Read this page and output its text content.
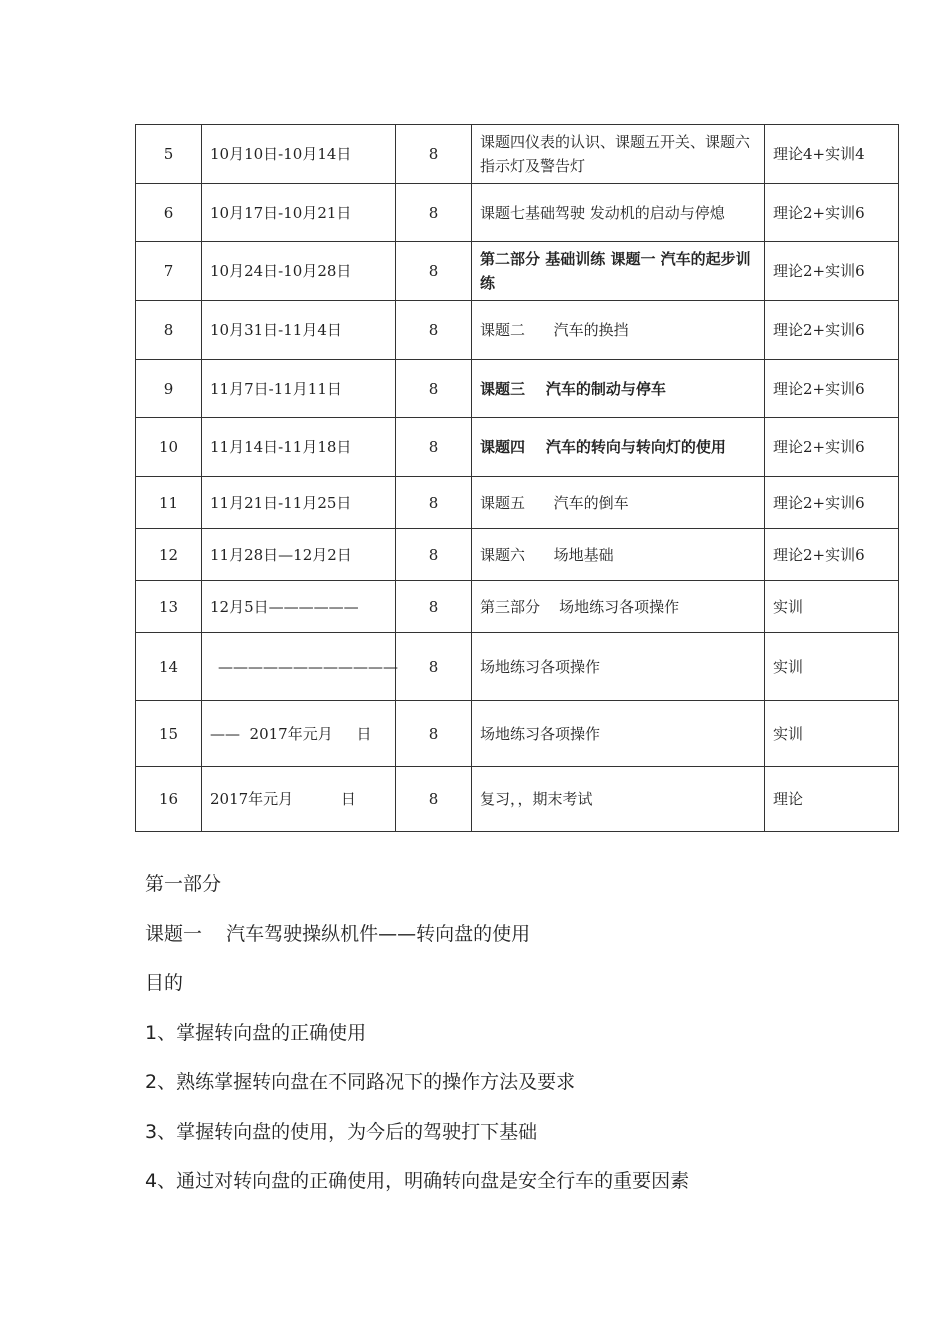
5	10月10日-10月14日	8	课题四仪表的认识、课题五开关、课题六指示灯及警告灯	理论4+实训4
6	10月17日-10月21日	8	课题七基础驾驶 发动机的启动与停熄	理论2+实训6
7	10月24日-10月28日	8	第二部分 基础训练 课题一 汽车的起步训练	理论2+实训6
8	10月31日-11月4日	8	课题二      汽车的换挡	理论2+实训6
9	11月7日-11月11日	8	课题三    汽车的制动与停车	理论2+实训6
10	11月14日-11月18日	8	课题四    汽车的转向与转向灯的使用	理论2+实训6
11	11月21日-11月25日	8	课题五      汽车的倒车	理论2+实训6
12	11月28日—12月2日	8	课题六      场地基础	理论2+实训6
13	12月5日——————	8	第三部分    场地练习各项操作	实训
14	————————————	8	场地练习各项操作	实训
15	——  2017年元月     日	8	场地练习各项操作	实训
16	2017年元月          日	8	复习，，期末考试	理论

第一部分

课题一    汽车驾驶操纵机件——转向盘的使用

目的

1、掌握转向盘的正确使用

2、熟练掌握转向盘在不同路况下的操作方法及要求

3、掌握转向盘的使用，为今后的驾驶打下基础

4、通过对转向盘的正确使用，明确转向盘是安全行车的重要因素
